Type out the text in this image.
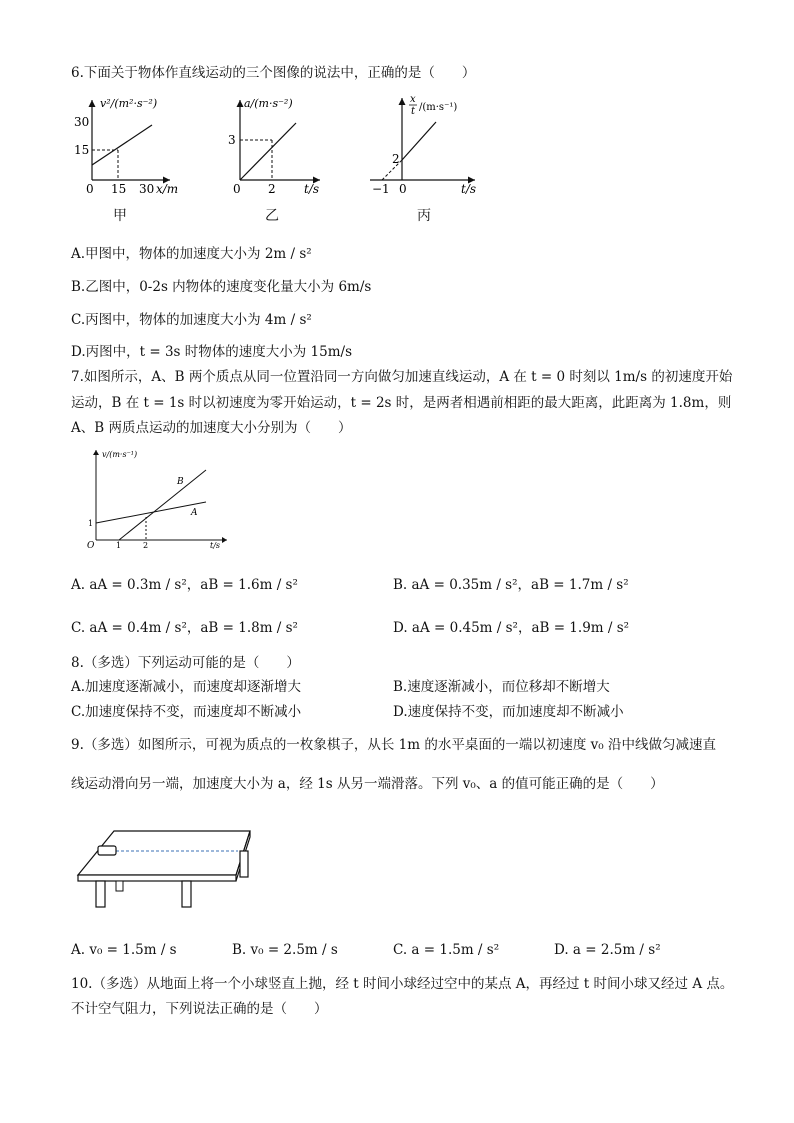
6.下面关于物体作直线运动的三个图像的说法中，正确的是（　　）
v²/(m²·s⁻²)
30
15
0 15 30 x/m
甲
a/(m·s⁻²)
3
0 2 t/s
乙
x
t /(m·s⁻¹)
2
−1 0	t/s
丙
A.甲图中，物体的加速度大小为 2m / s²
B.乙图中，0-2s 内物体的速度变化量大小为 6m/s
C.丙图中，物体的加速度大小为 4m / s²
D.丙图中，t = 3s 时物体的速度大小为 15m/s
7.如图所示，A、B 两个质点从同一位置沿同一方向做匀加速直线运动，A 在 t = 0 时刻以 1m/s 的初速度开始
运动，B 在 t = 1s 时以初速度为零开始运动，t = 2s 时，是两者相遇前相距的最大距离，此距离为 1.8m，则
A、B 两质点运动的加速度大小分别为（　　）
v/(m·s⁻¹)
1
O	1	2	t/s
B
A
A. aA = 0.3m / s²，aB = 1.6m / s²	B. aA = 0.35m / s²，aB = 1.7m / s²
C. aA = 0.4m / s²，aB = 1.8m / s²	D. aA = 0.45m / s²，aB = 1.9m / s²
8.（多选）下列运动可能的是（　　）
A.加速度逐渐减小，而速度却逐渐增大	B.速度逐渐减小，而位移却不断增大
C.加速度保持不变，而速度却不断减小	D.速度保持不变，而加速度却不断减小
9.（多选）如图所示，可视为质点的一枚象棋子，从长 1m 的水平桌面的一端以初速度 v₀ 沿中线做匀减速直
线运动滑向另一端，加速度大小为 a，经 1s 从另一端滑落。下列 v₀、a 的值可能正确的是（　　）
A. v₀ = 1.5m / s	B. v₀ = 2.5m / s	C. a = 1.5m / s²	D. a = 2.5m / s²
10.（多选）从地面上将一个小球竖直上抛，经 t 时间小球经过空中的某点 A，再经过 t 时间小球又经过 A 点。
不计空气阻力，下列说法正确的是（　　）
